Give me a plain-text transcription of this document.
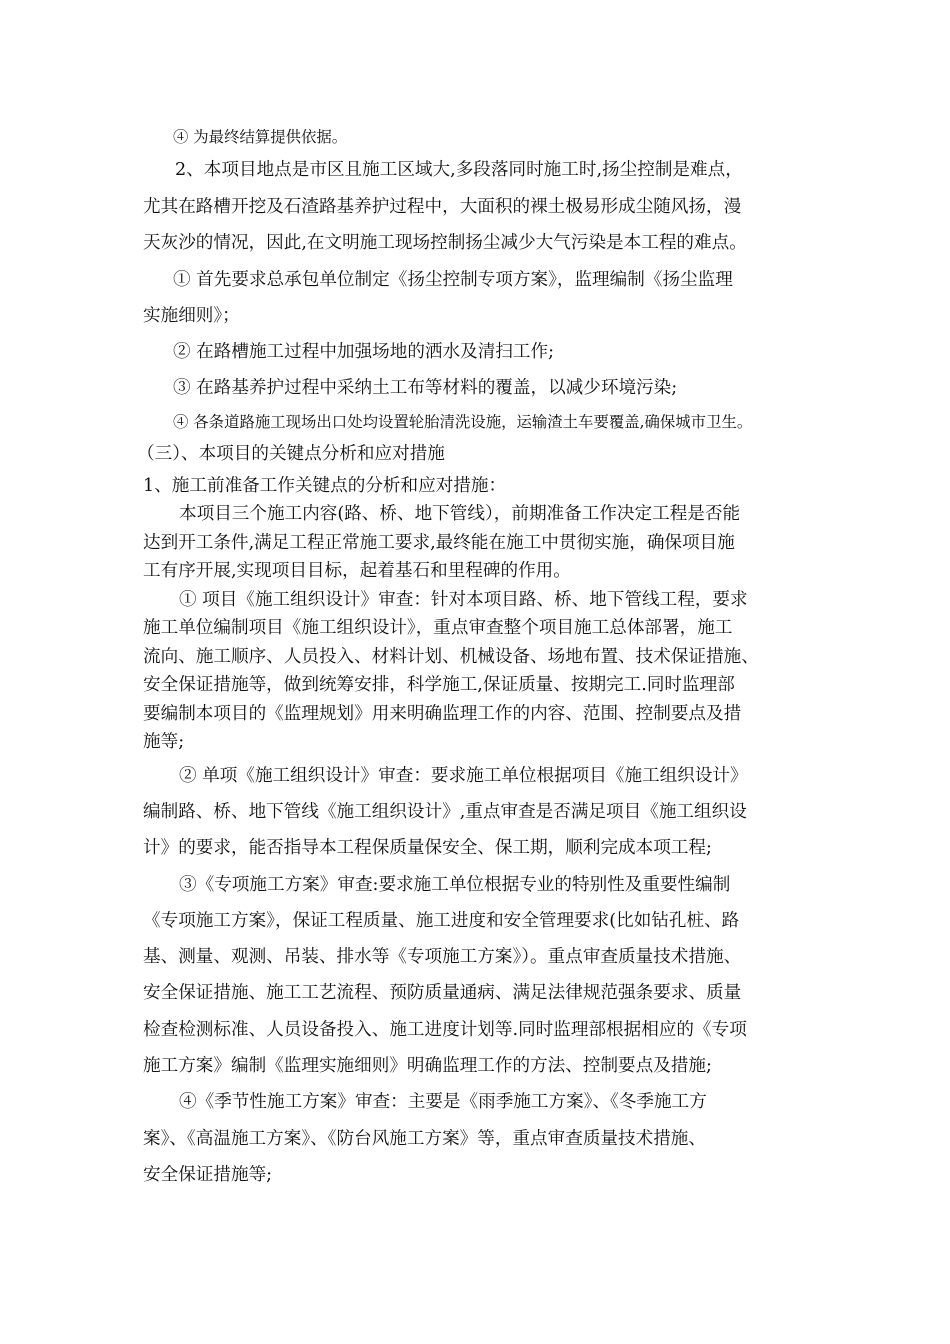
④ 为最终结算提供依据。
2、本项目地点是市区且施工区域大,多段落同时施工时,扬尘控制是难点，
尤其在路槽开挖及石渣路基养护过程中，大面积的裸土极易形成尘随风扬，漫
天灰沙的情况，因此,在文明施工现场控制扬尘减少大气污染是本工程的难点。
① 首先要求总承包单位制定《扬尘控制专项方案》，监理编制《扬尘监理
实施细则》；
② 在路槽施工过程中加强场地的洒水及清扫工作;
③ 在路基养护过程中采纳土工布等材料的覆盖，以减少环境污染;
④ 各条道路施工现场出口处均设置轮胎清洗设施，运输渣土车要覆盖,确保城市卫生。
（三）、本项目的关键点分析和应对措施
1、施工前准备工作关键点的分析和应对措施：
本项目三个施工内容(路、桥、地下管线），前期准备工作决定工程是否能
达到开工条件,满足工程正常施工要求,最终能在施工中贯彻实施，确保项目施
工有序开展,实现项目目标，起着基石和里程碑的作用。
① 项目《施工组织设计》审查：针对本项目路、桥、地下管线工程，要求
施工单位编制项目《施工组织设计》，重点审查整个项目施工总体部署，施工
流向、施工顺序、人员投入、材料计划、机械设备、场地布置、技术保证措施、
安全保证措施等，做到统筹安排，科学施工,保证质量、按期完工.同时监理部
要编制本项目的《监理规划》用来明确监理工作的内容、范围、控制要点及措
施等;
② 单项《施工组织设计》审查：要求施工单位根据项目《施工组织设计》
编制路、桥、地下管线《施工组织设计》,重点审查是否满足项目《施工组织设
计》的要求，能否指导本工程保质量保安全、保工期，顺利完成本项工程;
③《专项施工方案》审查:要求施工单位根据专业的特别性及重要性编制
《专项施工方案》，保证工程质量、施工进度和安全管理要求(比如钻孔桩、路
基、测量、观测、吊装、排水等《专项施工方案》）。重点审查质量技术措施、
安全保证措施、施工工艺流程、预防质量通病、满足法律规范强条要求、质量
检查检测标准、人员设备投入、施工进度计划等.同时监理部根据相应的《专项
施工方案》编制《监理实施细则》明确监理工作的方法、控制要点及措施;
④《季节性施工方案》审查：主要是《雨季施工方案》、《冬季施工方
案》、《高温施工方案》、《防台风施工方案》等，重点审查质量技术措施、
安全保证措施等;
